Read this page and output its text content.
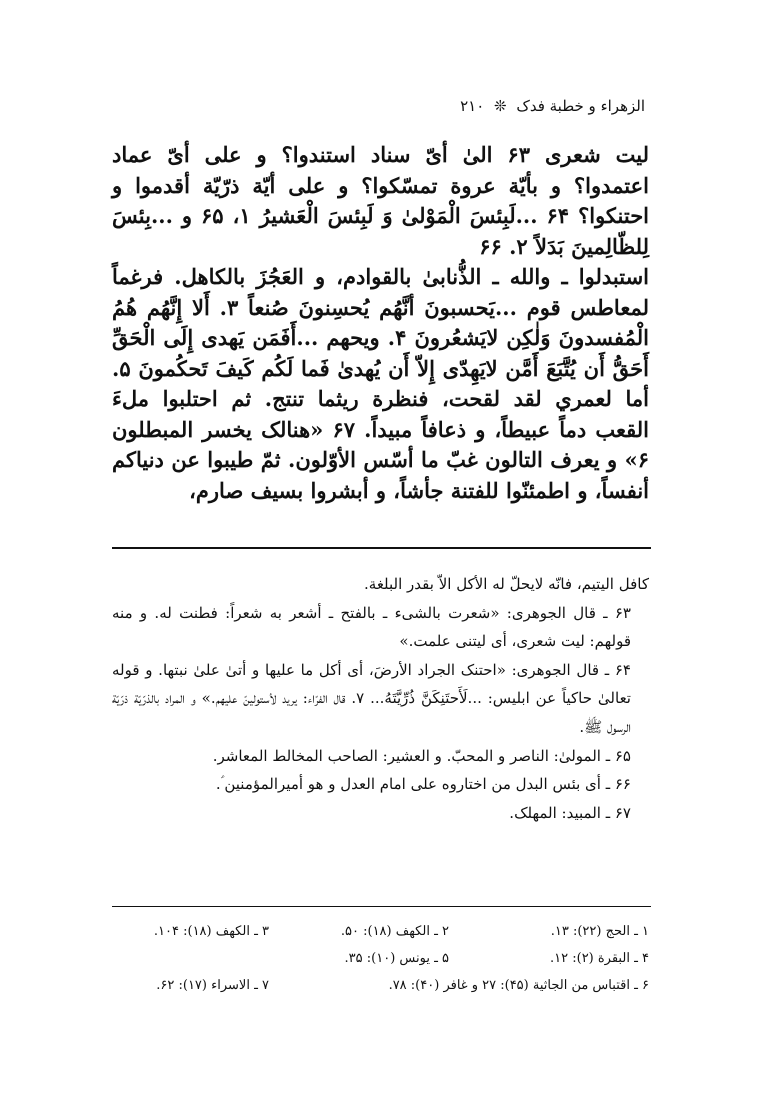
الزهراء و خطبة فدک ❊ ۲۱۰

ليت شعری ۶۳ الیٰ أیّ سناد استندوا؟ و علی أیّ عماد اعتمدوا؟ و بأيّة عروة تمسّكوا؟ و علی أيّة ذرّيّة أقدموا و احتنكوا؟ ۶۴ ...لَبِئسَ الْمَوْلیٰ وَ لَبِئسَ الْعَشيرُ ۱، ۶۵ و ...بِئسَ لِلظّالِمينَ بَدَلاً ۲. ۶۶

استبدلوا ـ والله ـ الذُّنابیٰ بالقوادم، و العَجُزَ بالكاهل. فرغماً لمعاطس قوم ...يَحسبونَ أنَّهُم يُحسِنونَ صُنعاً ۳. أَلا إِنَّهُم هُمُ الْمُفسدونَ وَلٰكِن لايَشعُرونَ ۴. ويحهم ...أَفَمَن يَهدی إِلَی الْحَقِّ أَحَقُّ أَن يُتَّبَعَ أَمَّن لايَهِدّی إِلاّ أَن يُهدیٰ فَما لَكُم كَيفَ تَحكُمونَ ۵. أما لعمري لقد لقحت، فنظرة ريثما تنتج. ثم احتلبوا ملءَ القعب دماً عبيطاً، و ذعافاً مبيداً. ۶۷ «هنالک يخسر المبطلون ۶» و يعرف التالون غبّ ما أسّس الأوّلون. ثمّ طيبوا عن دنياكم أنفساً، و اطمئنّوا للفتنة جأشاً، و أبشروا بسيف صارم،

كافل اليتيم، فانّه لايحلّ له الأكل الاّ بقدر البلغة.

۶۳ ـ قال الجوهری: «شعرت بالشیء ـ بالفتح ـ أشعر به شعراً: فطنت له. و منه قولهم: ليت شعری، أی ليتنی علمت.»

۶۴ ـ قال الجوهری: «احتنک الجراد الأرضَ، أی أكل ما عليها و أتیٰ علیٰ نبتها. و قوله تعالیٰ حاكياً عن ابليس: ...لَأَحتَنِكَنَّ ذُرِّيَّتَهُ... ۷. قال الفرّاء: يريد لأستولينّ عليهم.» و المراد بالذرّيّة ذرّيّة الرسول ﷺ.

۶۵ ـ المولیٰ: الناصر و المحبّ. و العشير: الصاحب المخالط المعاشر.

۶۶ ـ أی بئس البدل من اختاروه علی امام العدل و هو أميرالمؤمنين ؑ.

۶۷ ـ المبيد: المهلک.

۱ ـ الحج (۲۲): ۱۳.
۲ ـ الكهف (۱۸): ۵۰.
۳ ـ الكهف (۱۸): ۱۰۴.
۴ ـ البقرة (۲): ۱۲.
۵ ـ يونس (۱۰): ۳۵.
۶ ـ اقتباس من الجاثية (۴۵): ۲۷ و غافر (۴۰): ۷۸.
۷ ـ الاسراء (۱۷): ۶۲.
